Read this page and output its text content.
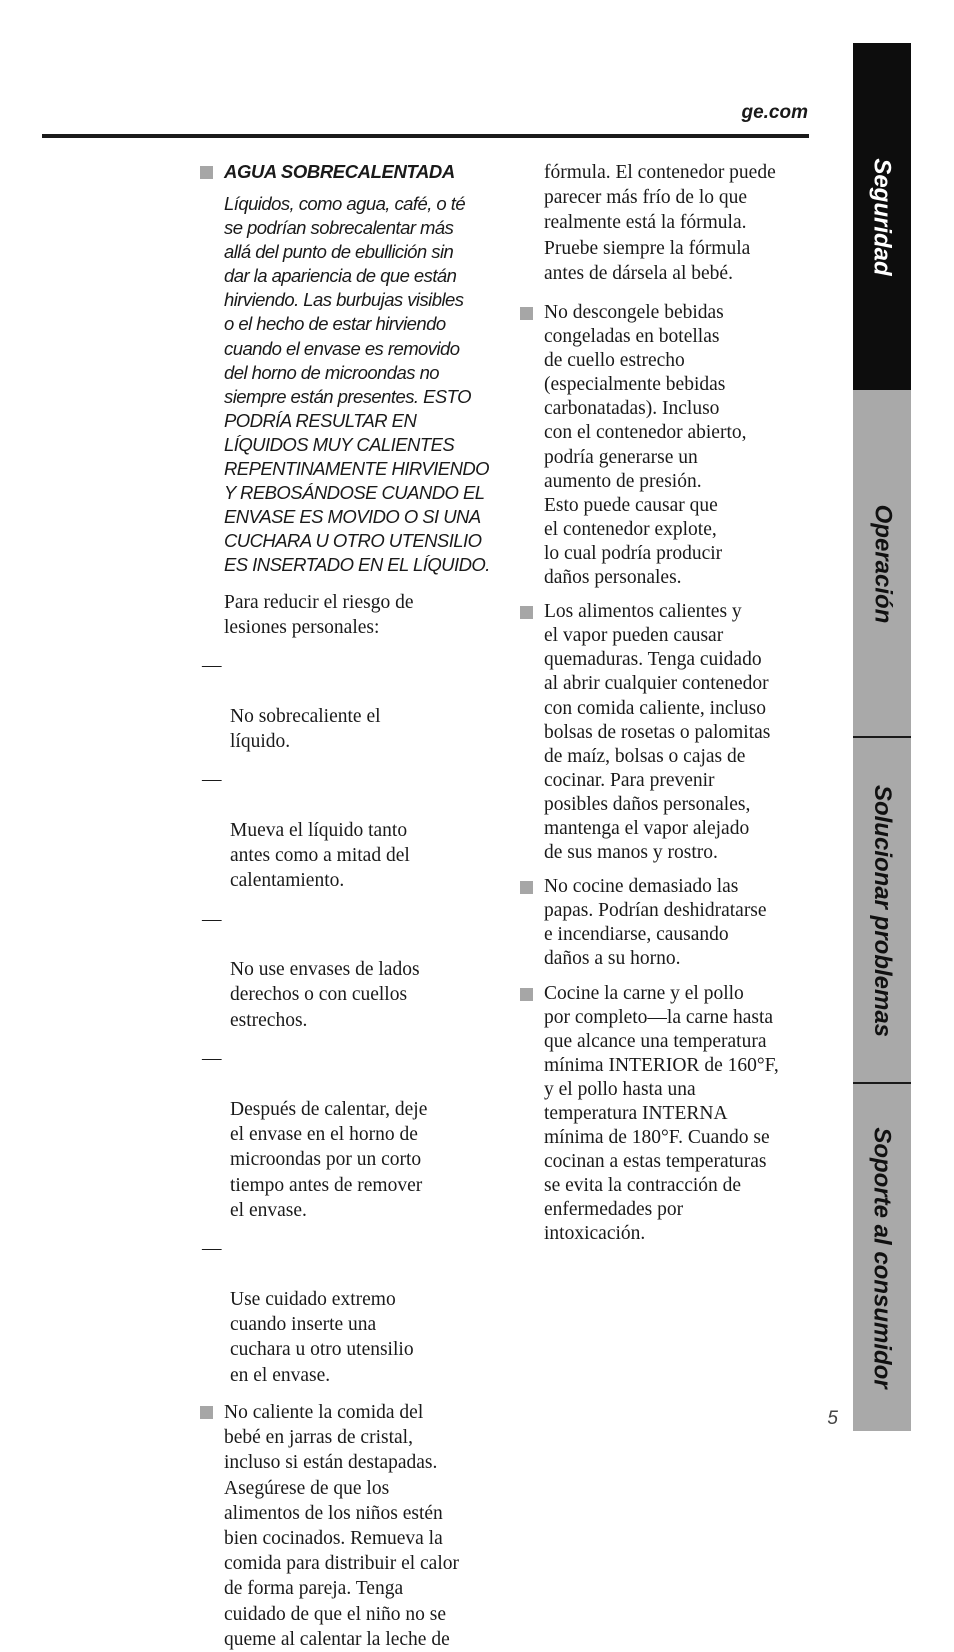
ge.com

AGUA SOBRECALENTADA

Líquidos, como agua, café, o té
se podrían sobrecalentar más
allá del punto de ebullición sin
dar la apariencia de que están
hirviendo. Las burbujas visibles
o el hecho de estar hirviendo
cuando el envase es removido
del horno de microondas no
siempre están presentes. ESTO
PODRÍA RESULTAR EN
LÍQUIDOS MUY CALIENTES
REPENTINAMENTE HIRVIENDO
Y REBOSÁNDOSE CUANDO EL
ENVASE ES MOVIDO O SI UNA
CUCHARA U OTRO UTENSILIO
ES INSERTADO EN EL LÍQUIDO.

Para reducir el riesgo de
lesiones personales:

—

No sobrecaliente el
líquido.

—

Mueva el líquido tanto
antes como a mitad del
calentamiento.

—

No use envases de lados
derechos o con cuellos
estrechos.

—

Después de calentar, deje
el envase en el horno de
microondas por un corto
tiempo antes de remover
el envase.

—

Use cuidado extremo
cuando inserte una
cuchara u otro utensilio
en el envase.

No caliente la comida del
bebé en jarras de cristal,
incluso si están destapadas.
Asegúrese de que los
alimentos de los niños estén
bien cocinados. Remueva la
comida para distribuir el calor
de forma pareja. Tenga
cuidado de que el niño no se
queme al calentar la leche de

fórmula. El contenedor puede
parecer más frío de lo que
realmente está la fórmula.
Pruebe siempre la fórmula
antes de dársela al bebé.

No descongele bebidas
congeladas en botellas
de cuello estrecho
(especialmente bebidas
carbonatadas). Incluso
con el contenedor abierto,
podría generarse un
aumento de presión.
Esto puede causar que
el contenedor explote,
lo cual podría producir
daños personales.

Los alimentos calientes y
el vapor pueden causar
quemaduras. Tenga cuidado
al abrir cualquier contenedor
con comida caliente, incluso
bolsas de rosetas o palomitas
de maíz, bolsas o cajas de
cocinar. Para prevenir
posibles daños personales,
mantenga el vapor alejado
de sus manos y rostro.

No cocine demasiado las
papas. Podrían deshidratarse
e incendiarse, causando
daños a su horno.

Cocine la carne y el pollo
por completo—la carne hasta
que alcance una temperatura
mínima INTERIOR de 160°F,
y el pollo hasta una
temperatura INTERNA
mínima de 180°F. Cuando se
cocinan a estas temperaturas
se evita la contracción de
enfermedades por
intoxicación.

Seguridad
Operación
Solucionar problemas
Soporte al consumidor
5
